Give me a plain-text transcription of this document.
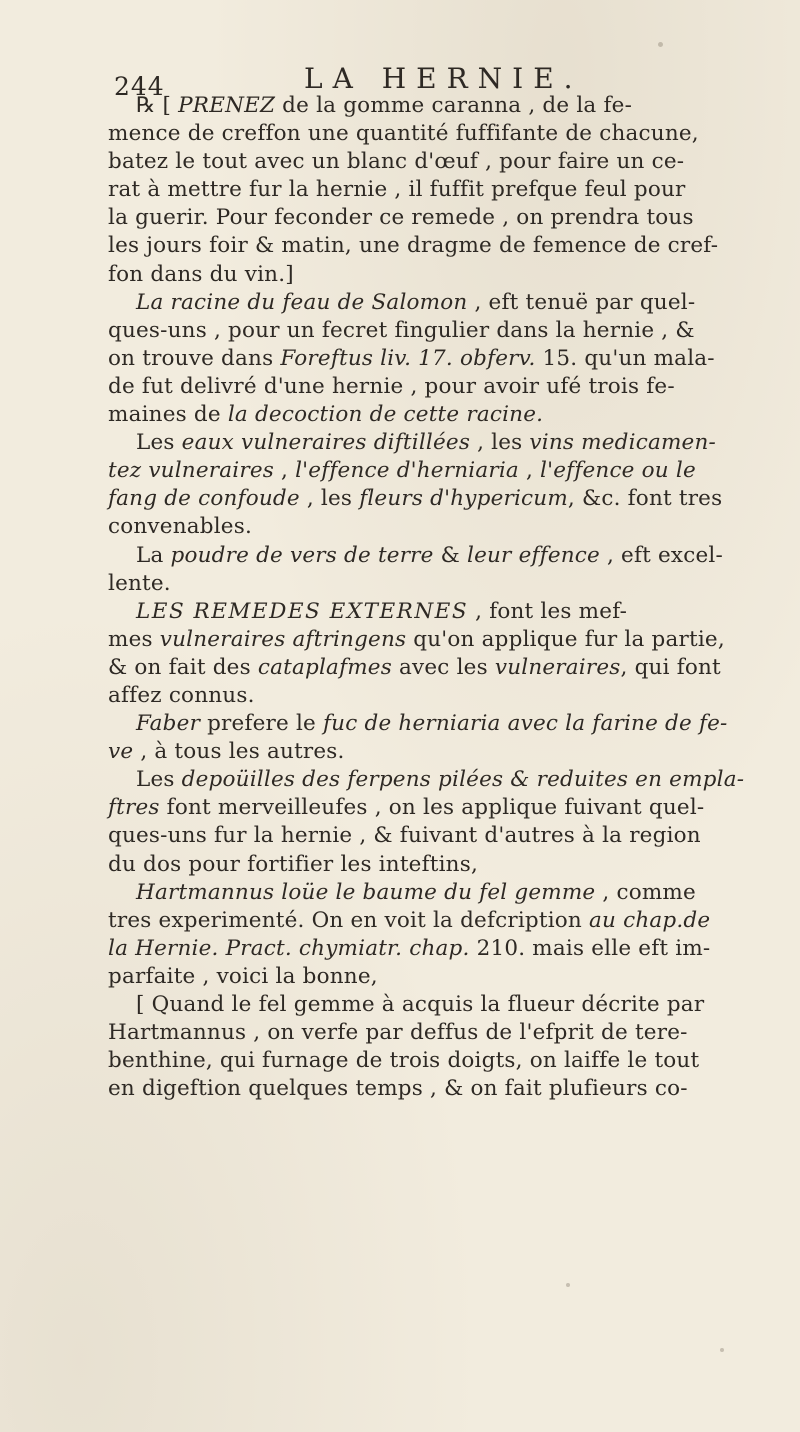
244	LA HERNIE.
℞ [ PRENEZ de la gomme caranna , de la fe-
mence de creffon une quantité fuffifante de chacune,
batez le tout avec un blanc d'œuf , pour faire un ce-
rat à mettre fur la hernie , il fuffit prefque feul pour
la guerir. Pour feconder ce remede , on prendra tous
les jours foir & matin, une dragme de femence de cref-
fon dans du vin.]
La racine du feau de Salomon , eft tenuë par quel-
ques-uns , pour un fecret fingulier dans la hernie , &
on trouve dans Foreftus liv. 17. obferv. 15. qu'un mala-
de fut delivré d'une hernie , pour avoir ufé trois fe-
maines de la decoction de cette racine.
Les eaux vulneraires diftillées , les vins medicamen-
tez vulneraires , l'effence d'herniaria , l'effence ou le
fang de confoude , les fleurs d'hypericum, &c. font tres
convenables.
La poudre de vers de terre & leur effence , eft excel-
lente.
LES REMEDES EXTERNES , font les mef-
mes vulneraires aftringens qu'on applique fur la partie,
& on fait des cataplafmes avec les vulneraires, qui font
affez connus.
Faber prefere le fuc de herniaria avec la farine de fe-
ve , à tous les autres.
Les depoüilles des ferpens pilées & reduites en empla-
ftres font merveilleufes , on les applique fuivant quel-
ques-uns fur la hernie , & fuivant d'autres à la region
du dos pour fortifier les inteftins,
Hartmannus loüe le baume du fel gemme , comme
tres experimenté. On en voit la defcription au chap.de
la Hernie. Pract. chymiatr. chap. 210. mais elle eft im-
parfaite , voici la bonne,
[ Quand le fel gemme à acquis la flueur décrite par
Hartmannus , on verfe par deffus de l'efprit de tere-
benthine, qui furnage de trois doigts, on laiffe le tout
en digeftion quelques temps , & on fait plufieurs co-
